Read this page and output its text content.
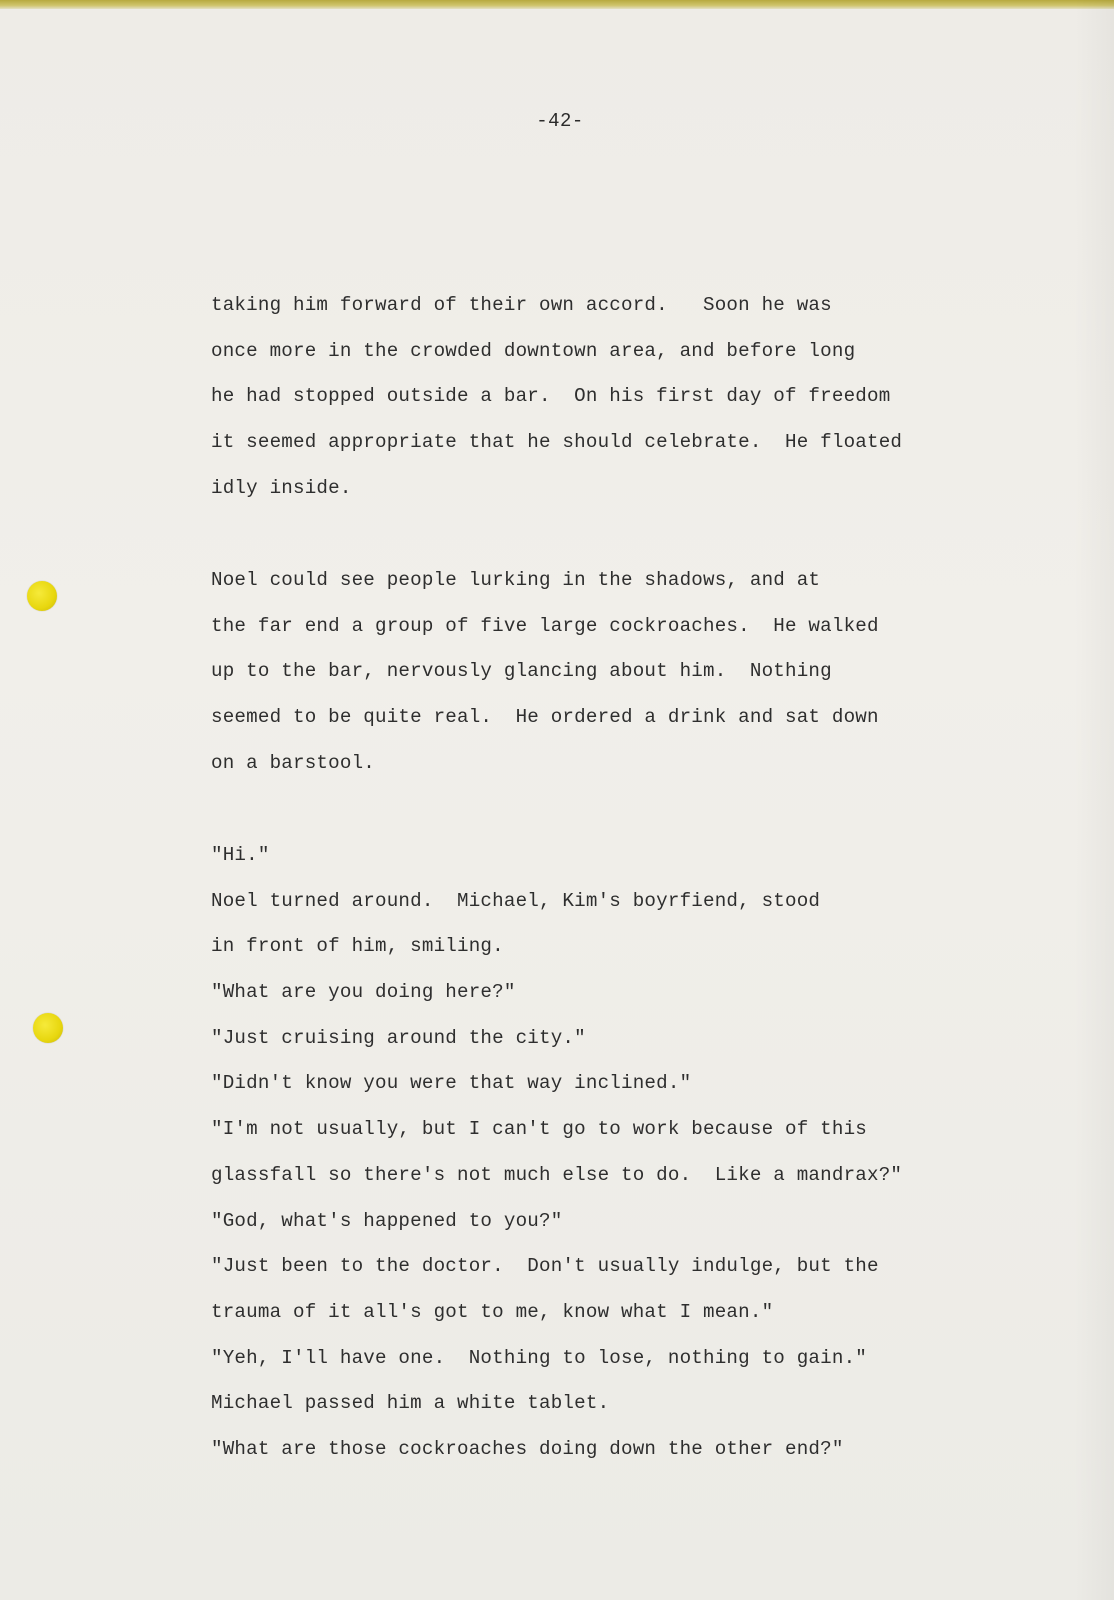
-42-
taking him forward of their own accord.   Soon he was
once more in the crowded downtown area, and before long
he had stopped outside a bar.  On his first day of freedom
it seemed appropriate that he should celebrate.  He floated
idly inside.
Noel could see people lurking in the shadows, and at
the far end a group of five large cockroaches.  He walked
up to the bar, nervously glancing about him.  Nothing
seemed to be quite real.  He ordered a drink and sat down
on a barstool.
"Hi."
Noel turned around.  Michael, Kim's boyrfiend, stood
in front of him, smiling.
"What are you doing here?"
"Just cruising around the city."
"Didn't know you were that way inclined."
"I'm not usually, but I can't go to work because of this
glassfall so there's not much else to do.  Like a mandrax?"
"God, what's happened to you?"
"Just been to the doctor.  Don't usually indulge, but the
trauma of it all's got to me, know what I mean."
"Yeh, I'll have one.  Nothing to lose, nothing to gain."
Michael passed him a white tablet.
"What are those cockroaches doing down the other end?"
